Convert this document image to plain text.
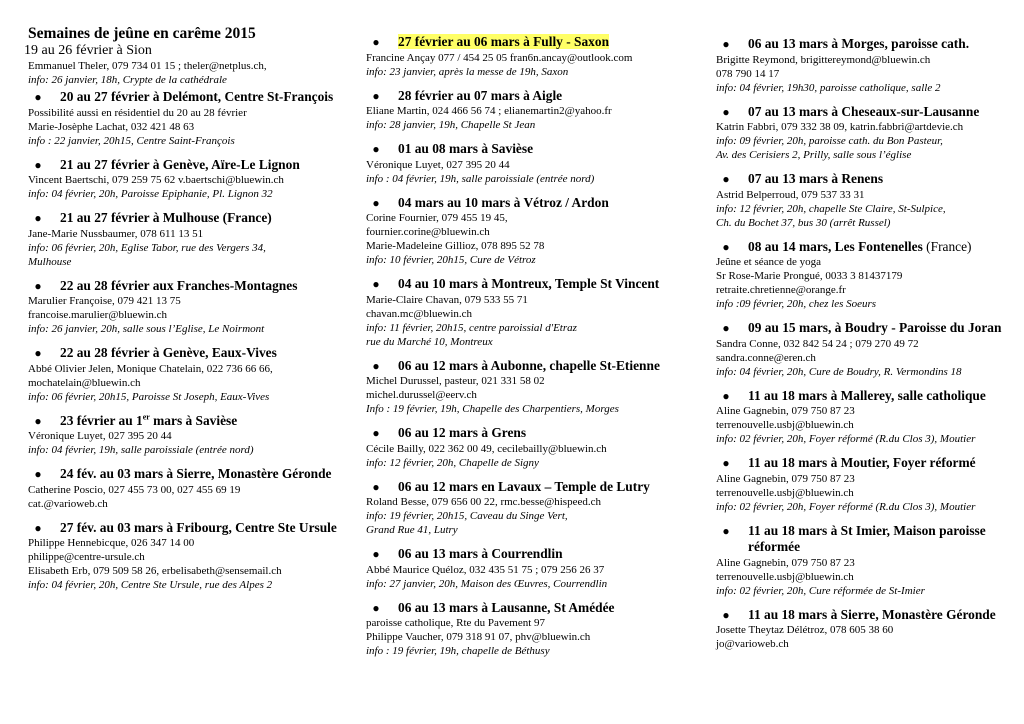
Semaines de jeûne en carême 2015
19 au 26 février à Sion
Emmanuel Theler, 079 734 01 15 ; theler@netplus.ch,
info: 26 janvier, 18h, Crypte de la cathédrale
●	20 au 27 février à Delémont, Centre St-François
Possibilité aussi en résidentiel du 20 au 28 février
Marie-Josèphe Lachat, 032 421 48 63
info : 22 janvier, 20h15, Centre Saint-François
●	21 au 27 février à Genève, Aïre-Le Lignon
Vincent Baertschi, 079 259 75 62 v.baertschi@bluewin.ch
info: 04 février, 20h, Paroisse Epiphanie, Pl. Lignon 32
●	21 au 27 février à Mulhouse (France)
Jane-Marie Nussbaumer, 078 611 13 51
info: 06 février, 20h, Eglise Tabor, rue des Vergers 34,
Mulhouse
●	22 au 28 février aux Franches-Montagnes
Marulier Françoise, 079 421 13 75
francoise.marulier@bluewin.ch
info: 26 janvier, 20h, salle sous l’Eglise, Le Noirmont
●	22 au 28 février à Genève, Eaux-Vives
Abbé Olivier Jelen, Monique Chatelain, 022 736 66 66,
mochatelain@bluewin.ch
info: 06 février, 20h15, Paroisse St Joseph, Eaux-Vives
●	23 février au 1er mars à Savièse
Véronique Luyet, 027 395 20 44
info: 04 février, 19h, salle paroissiale (entrée nord)
●	24 fév. au 03 mars à Sierre, Monastère Géronde
Catherine Poscio, 027 455 73 00, 027 455 69 19
cat.@varioweb.ch
●	27 fév. au 03 mars à Fribourg, Centre Ste Ursule
Philippe Hennebicque, 026 347 14 00
philippe@centre-ursule.ch
Elisabeth Erb, 079 509 58 26, erbelisabeth@sensemail.ch
info: 04 février, 20h, Centre Ste Ursule, rue des Alpes 2
●	27 février au 06 mars à Fully - Saxon
Francine Ançay 077 / 454 25 05 fran6n.ancay@outlook.com
info: 23 janvier, après la messe de 19h, Saxon
●	28 février au 07 mars à Aigle
Eliane Martin, 024 466 56 74 ; elianemartin2@yahoo.fr
info: 28 janvier, 19h, Chapelle St Jean
●	01 au 08 mars à Savièse
Véronique Luyet, 027 395 20 44
info : 04 février, 19h, salle paroissiale (entrée nord)
●	04 mars au 10 mars à Vétroz / Ardon
Corine Fournier, 079 455 19 45,
fournier.corine@bluewin.ch
Marie-Madeleine Gillioz, 078 895 52 78
info: 10 février, 20h15, Cure de Vétroz
●	04 au 10 mars à Montreux, Temple St Vincent
Marie-Claire Chavan, 079 533 55 71
chavan.mc@bluewin.ch
info: 11 février, 20h15, centre paroissial d'Etraz
rue du Marché 10, Montreux
●	06 au 12 mars à Aubonne, chapelle St-Etienne
Michel Durussel, pasteur, 021 331 58 02
michel.durussel@eerv.ch
Info : 19 février, 19h, Chapelle des Charpentiers, Morges
●	06 au 12 mars à Grens
Cécile Bailly, 022 362 00 49, cecilebailly@bluewin.ch
info: 12 février, 20h, Chapelle de Signy
●	06 au 12 mars en Lavaux – Temple de Lutry
Roland Besse, 079 656 00 22, rmc.besse@hispeed.ch
info: 19 février, 20h15, Caveau du Singe Vert,
Grand Rue 41, Lutry
●	06 au 13 mars à Courrendlin
Abbé Maurice Quéloz, 032 435 51 75 ; 079 256 26 37
info: 27 janvier, 20h, Maison des Œuvres, Courrendlin
●	06 au 13 mars à Lausanne, St Amédée
paroisse catholique, Rte du Pavement 97
Philippe Vaucher, 079 318 91 07, phv@bluewin.ch
info : 19 février, 19h, chapelle de Béthusy
●	06 au 13 mars à Morges, paroisse cath.
Brigitte Reymond, brigittereymond@bluewin.ch
078 790 14 17
info: 04 février, 19h30, paroisse catholique, salle 2
●	07 au 13 mars à Cheseaux-sur-Lausanne
Katrin Fabbri, 079 332 38 09, katrin.fabbri@artdevie.ch
info: 09 février, 20h, paroisse cath. du Bon Pasteur,
Av. des Cerisiers 2, Prilly, salle sous l’église
●	07 au 13 mars à Renens
Astrid Belperroud, 079 537 33 31
info: 12 février, 20h, chapelle Ste Claire, St-Sulpice,
Ch. du Bochet 37, bus 30 (arrêt Russel)
●	08 au 14 mars, Les Fontenelles (France)
Jeûne et séance de yoga
Sr Rose-Marie Prongué, 0033 3 81437179
retraite.chretienne@orange.fr
info :09 février, 20h, chez les Soeurs
●	09 au 15 mars, à Boudry - Paroisse du Joran
Sandra Conne, 032 842 54 24 ; 079 270 49 72
sandra.conne@eren.ch
info: 04 février, 20h, Cure de Boudry, R. Vermondins 18
●	11 au 18 mars à Mallerey, salle catholique
Aline Gagnebin, 079 750 87 23
terrenouvelle.usbj@bluewin.ch
info: 02 février, 20h, Foyer réformé (R.du Clos 3), Moutier
●	11 au 18 mars à Moutier, Foyer réformé
Aline Gagnebin, 079 750 87 23
terrenouvelle.usbj@bluewin.ch
info: 02 février, 20h, Foyer réformé (R.du Clos 3), Moutier
●	11 au 18 mars à St Imier, Maison paroisse réformée
Aline Gagnebin, 079 750 87 23
terrenouvelle.usbj@bluewin.ch
info: 02 février, 20h, Cure réformée de St-Imier
●	11 au 18 mars à Sierre, Monastère Géronde
Josette Theytaz Délétroz, 078 605 38 60
jo@varioweb.ch
